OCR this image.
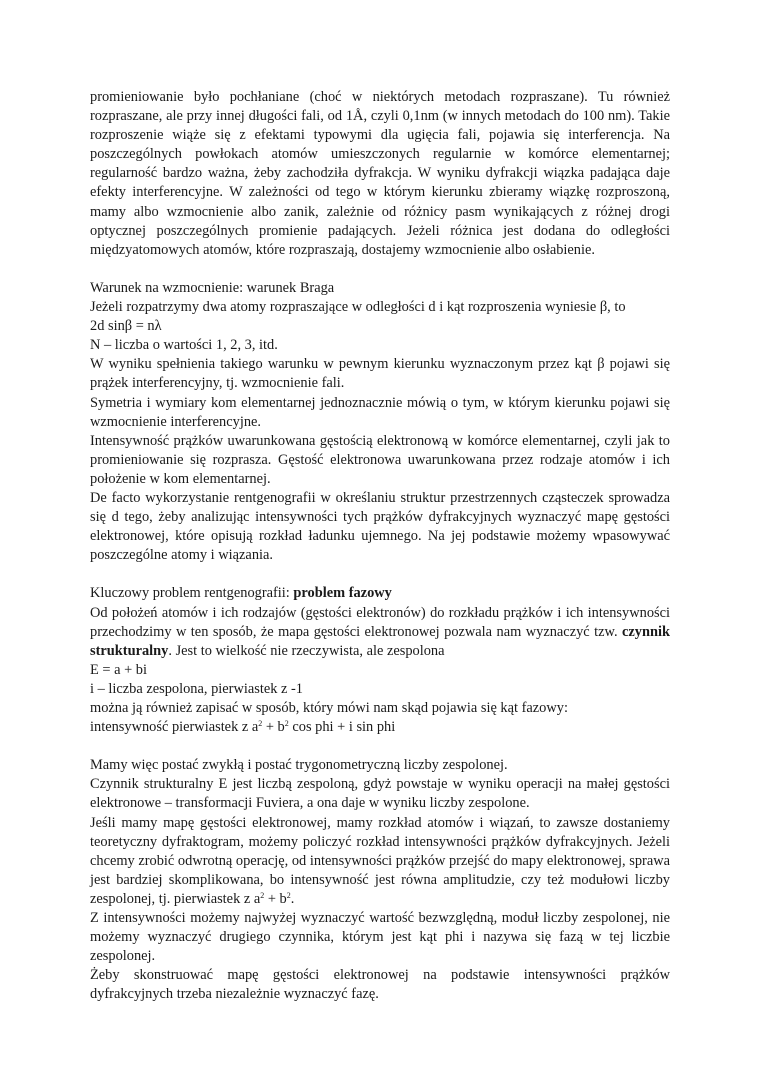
promieniowanie było pochłaniane (choć w niektórych metodach rozpraszane). Tu również rozpraszane, ale przy innej długości fali, od 1Å, czyli 0,1nm (w innych metodach do 100 nm). Takie rozproszenie wiąże się z efektami typowymi dla ugięcia fali, pojawia się interferencja. Na poszczególnych powłokach atomów umieszczonych regularnie w komórce elementarnej; regularność bardzo ważna, żeby zachodziła dyfrakcja. W wyniku dyfrakcji wiązka padająca daje efekty interferencyjne. W zależności od tego w którym kierunku zbieramy wiązkę rozproszoną, mamy albo wzmocnienie albo zanik, zależnie od różnicy pasm wynikających z różnej drogi optycznej poszczególnych promienie padających. Jeżeli różnica jest dodana do odległości międzyatomowych atomów, które rozpraszają, dostajemy wzmocnienie albo osłabienie.

Warunek na wzmocnienie: warunek Braga

Jeżeli rozpatrzymy dwa atomy rozpraszające w odległości d i kąt rozproszenia wyniesie β, to

2d sinβ = nλ

N – liczba o wartości 1, 2, 3, itd.

W wyniku spełnienia takiego warunku w pewnym kierunku wyznaczonym przez kąt β pojawi się prążek interferencyjny, tj. wzmocnienie fali.

Symetria i wymiary kom elementarnej jednoznacznie mówią o tym, w którym kierunku pojawi się wzmocnienie interferencyjne.

Intensywność prążków uwarunkowana gęstością elektronową w komórce elementarnej, czyli jak to promieniowanie się rozprasza. Gęstość elektronowa uwarunkowana przez rodzaje atomów i ich położenie w kom elementarnej.

De facto wykorzystanie rentgenografii w określaniu struktur przestrzennych cząsteczek sprowadza się d tego, żeby analizując intensywności tych prążków dyfrakcyjnych wyznaczyć mapę gęstości elektronowej, które opisują rozkład ładunku ujemnego. Na jej podstawie możemy wpasowywać poszczególne atomy i wiązania.

Kluczowy problem rentgenografii: problem fazowy

Od położeń atomów i ich rodzajów (gęstości elektronów) do rozkładu prążków i ich intensywności przechodzimy w ten sposób, że mapa gęstości elektronowej pozwala nam wyznaczyć tzw. czynnik strukturalny. Jest to wielkość nie rzeczywista, ale zespolona

E = a + bi

i – liczba zespolona, pierwiastek z -1

można ją również zapisać w sposób, który mówi nam skąd pojawia się kąt fazowy:

intensywność pierwiastek z $a^2 + b^2$ cos phi + i sin phi

Mamy więc postać zwykłą i postać trygonometryczną liczby zespolonej.

Czynnik strukturalny E jest liczbą zespoloną, gdyż powstaje w wyniku operacji na małej gęstości elektronowe – transformacji Fuviera, a ona daje w wyniku liczby zespolone.

Jeśli mamy mapę gęstości elektronowej, mamy rozkład atomów i wiązań, to zawsze dostaniemy teoretyczny dyfraktogram, możemy policzyć rozkład intensywności prążków dyfrakcyjnych. Jeżeli chcemy zrobić odwrotną operację, od intensywności prążków przejść do mapy elektronowej, sprawa jest bardziej skomplikowana, bo intensywność jest równa amplitudzie, czy też modułowi liczby zespolonej, tj. pierwiastek z $a^2 + b^2$.

Z intensywności możemy najwyżej wyznaczyć wartość bezwzględną, moduł liczby zespolonej, nie możemy wyznaczyć drugiego czynnika, którym jest kąt phi i nazywa się fazą w tej liczbie zespolonej.

Żeby skonstruować mapę gęstości elektronowej na podstawie intensywności prążków dyfrakcyjnych trzeba niezależnie wyznaczyć fazę.
